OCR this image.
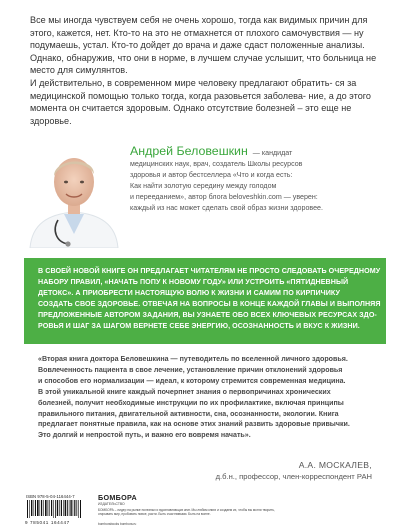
Все мы иногда чувствуем себя не очень хорошо, тогда как видимых причин для этого, кажется, нет. Кто-то на это не отмахнется от плохого самочувствия — ну подумаешь, устал. Кто-то дойдет до врача и даже сдаст положенные анализы. Однако, обнаружив, что они в норме, в лучшем случае услышит, что больница не место для симулянтов.

И действительно, в современном мире человеку предлагают обратить- ся за медицинской помощью только тогда, когда разовьется заболева- ние, а до этого момента он считается здоровым. Однако отсутствие болезней – это еще не здоровье.

Андрей Беловешкин — кандидат
медицинских наук, врач, создатель Школы ресурсов
здоровья и автор бестселлера «Что и когда есть:
Как найти золотую середину между голодом
и перееданием», автор блога beloveshkin.com — уверен:
каждый из нас может сделать свой образ жизни здоровее.
В СВОЕЙ НОВОЙ КНИГЕ ОН ПРЕДЛАГАЕТ ЧИТАТЕЛЯМ НЕ ПРОСТО СЛЕДОВАТЬ ОЧЕРЕДНОМУ
НАБОРУ ПРАВИЛ, «НАЧАТЬ ПОПУ К НОВОМУ ГОДУ» ИЛИ УСТРОИТЬ «ПЯТИДНЕВНЫЙ
ДЕТОКС». А ПРИОБРЕСТИ НАСТОЯЩУЮ ВОЛЮ К ЖИЗНИ И САМИМ ПО КИРПИЧИКУ
СОЗДАТЬ СВОЕ ЗДОРОВЬЕ. ОТВЕЧАЯ НА ВОПРОСЫ В КОНЦЕ КАЖДОЙ ГЛАВЫ И ВЫПОЛНЯЯ
ПРЕДЛОЖЕННЫЕ АВТОРОМ ЗАДАНИЯ, ВЫ УЗНАЕТЕ ОБО ВСЕХ КЛЮЧЕВЫХ РЕСУРСАХ ЗДО-
РОВЬЯ И ШАГ ЗА ШАГОМ ВЕРНЕТЕ СЕБЕ ЭНЕРГИЮ, ОСОЗНАННОСТЬ И ВКУС К ЖИЗНИ.
«Вторая книга доктора Беловешкина — путеводитель по вселенной личного здоровья.
Вовлеченность пациента в свое лечение, установление причин отклонений здоровья
и способов его нормализации — идеал, к которому стремится современная медицина.
В этой уникальной книге каждый почерпнет знания о первопричинах хронических
болезней, получит необходимые инструкции по их профилактике, включая принципы
правильного питания, двигательной активности, сна, осознанности, экологии. Книга
предлагает понятные правила, как на основе этих знаний развить здоровые привычки.
Это долгий и непростой путь, и важно его вовремя начать».
А.А. МОСКАЛЕВ,
д.б.н., профессор, член-корреспондент РАН
ISBN 978-5-04-116444-7
9 785041 164447
БОМБОРА
ИЗДАТЕЛЬСТВО
БОМБОРА – лидер на рынке полезных и вдохновляющих книг. Мы любим книги и создаем их, чтобы вы могли творить, открывать мир, пробовать новое, расти. Быть счастливыми. Быть на волне.
bomborabooks bombora.ru
